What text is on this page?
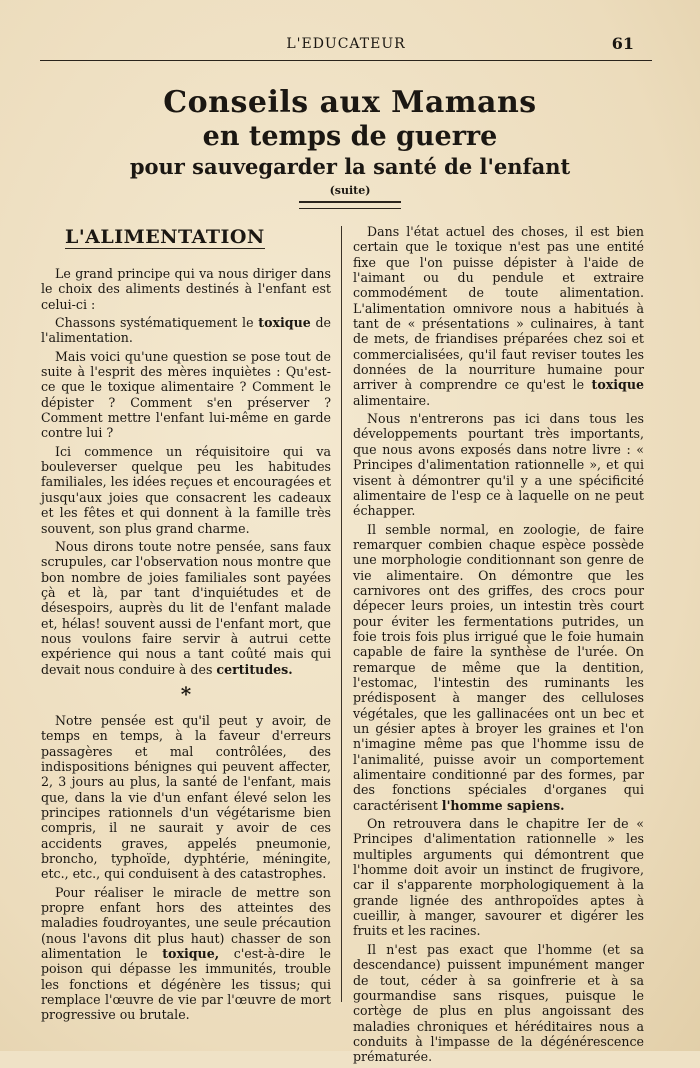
L'EDUCATEUR	61
Conseils aux Mamans
en temps de guerre
pour sauvegarder la santé de l'enfant
(suite)
L'ALIMENTATION

Le grand principe qui va nous diriger dans le choix des aliments destinés à l'enfant est celui-ci :

Chassons systématiquement le toxique de l'alimentation.

Mais voici qu'une question se pose tout de suite à l'esprit des mères inquiètes : Qu'est-ce que le toxique alimentaire ? Comment le dépister ? Comment s'en préserver ? Comment mettre l'enfant lui-même en garde contre lui ?

Ici commence un réquisitoire qui va bouleverser quelque peu les habitudes familiales, les idées reçues et encouragées et jusqu'aux joies que consacrent les cadeaux et les fêtes et qui donnent à la famille très souvent, son plus grand charme.

Nous dirons toute notre pensée, sans faux scrupules, car l'observation nous montre que bon nombre de joies familiales sont payées çà et là, par tant d'inquiétudes et de désespoirs, auprès du lit de l'enfant malade et, hélas! souvent aussi de l'enfant mort, que nous voulons faire servir à autrui cette expérience qui nous a tant coûté mais qui devait nous conduire à des certitudes.

*

Notre pensée est qu'il peut y avoir, de temps en temps, à la faveur d'erreurs passagères et mal contrôlées, des indispositions bénignes qui peuvent affecter, 2, 3 jours au plus, la santé de l'enfant, mais que, dans la vie d'un enfant élevé selon les principes rationnels d'un végétarisme bien compris, il ne saurait y avoir de ces accidents graves, appelés pneumonie, broncho, typhoïde, dyphtérie, méningite, etc., etc., qui conduisent à des catastrophes.

Pour réaliser le miracle de mettre son propre enfant hors des atteintes des maladies foudroyantes, une seule précaution (nous l'avons dit plus haut) chasser de son alimentation le toxique, c'est-à-dire le poison qui dépasse les immunités, trouble les fonctions et dégénère les tissus; qui remplace l'œuvre de vie par l'œuvre de mort progressive ou brutale.

Dans l'état actuel des choses, il est bien certain que le toxique n'est pas une entité fixe que l'on puisse dépister à l'aide de l'aimant ou du pendule et extraire commodément de toute alimentation. L'alimentation omnivore nous a habitués à tant de « présentations » culinaires, à tant de mets, de friandises préparées chez soi et commercialisées, qu'il faut reviser toutes les données de la nourriture humaine pour arriver à comprendre ce qu'est le toxique alimentaire.

Nous n'entrerons pas ici dans tous les développements pourtant très importants, que nous avons exposés dans notre livre : « Principes d'alimentation rationnelle », et qui visent à démontrer qu'il y a une spécificité alimentaire de l'esp ce à laquelle on ne peut échapper.

Il semble normal, en zoologie, de faire remarquer combien chaque espèce possède une morphologie conditionnant son genre de vie alimentaire. On démontre que les carnivores ont des griffes, des crocs pour dépecer leurs proies, un intestin très court pour éviter les fermentations putrides, un foie trois fois plus irrigué que le foie humain capable de faire la synthèse de l'urée. On remarque de même que la dentition, l'estomac, l'intestin des ruminants les prédisposent à manger des celluloses végétales, que les gallinacées ont un bec et un gésier aptes à broyer les graines et l'on n'imagine même pas que l'homme issu de l'animalité, puisse avoir un comportement alimentaire conditionné par des formes, par des fonctions spéciales d'organes qui caractérisent l'homme sapiens.

On retrouvera dans le chapitre Ier de « Principes d'alimentation rationnelle » les multiples arguments qui démontrent que l'homme doit avoir un instinct de frugivore, car il s'apparente morphologiquement à la grande lignée des anthropoïdes aptes à cueillir, à manger, savourer et digérer les fruits et les racines.

Il n'est pas exact que l'homme (et sa descendance) puissent impunément manger de tout, céder à sa goinfrerie et à sa gourmandise sans risques, puisque le cortège de plus en plus angoissant des maladies chroniques et héréditaires nous a conduits à l'impasse de la dégénérescence prématurée.
